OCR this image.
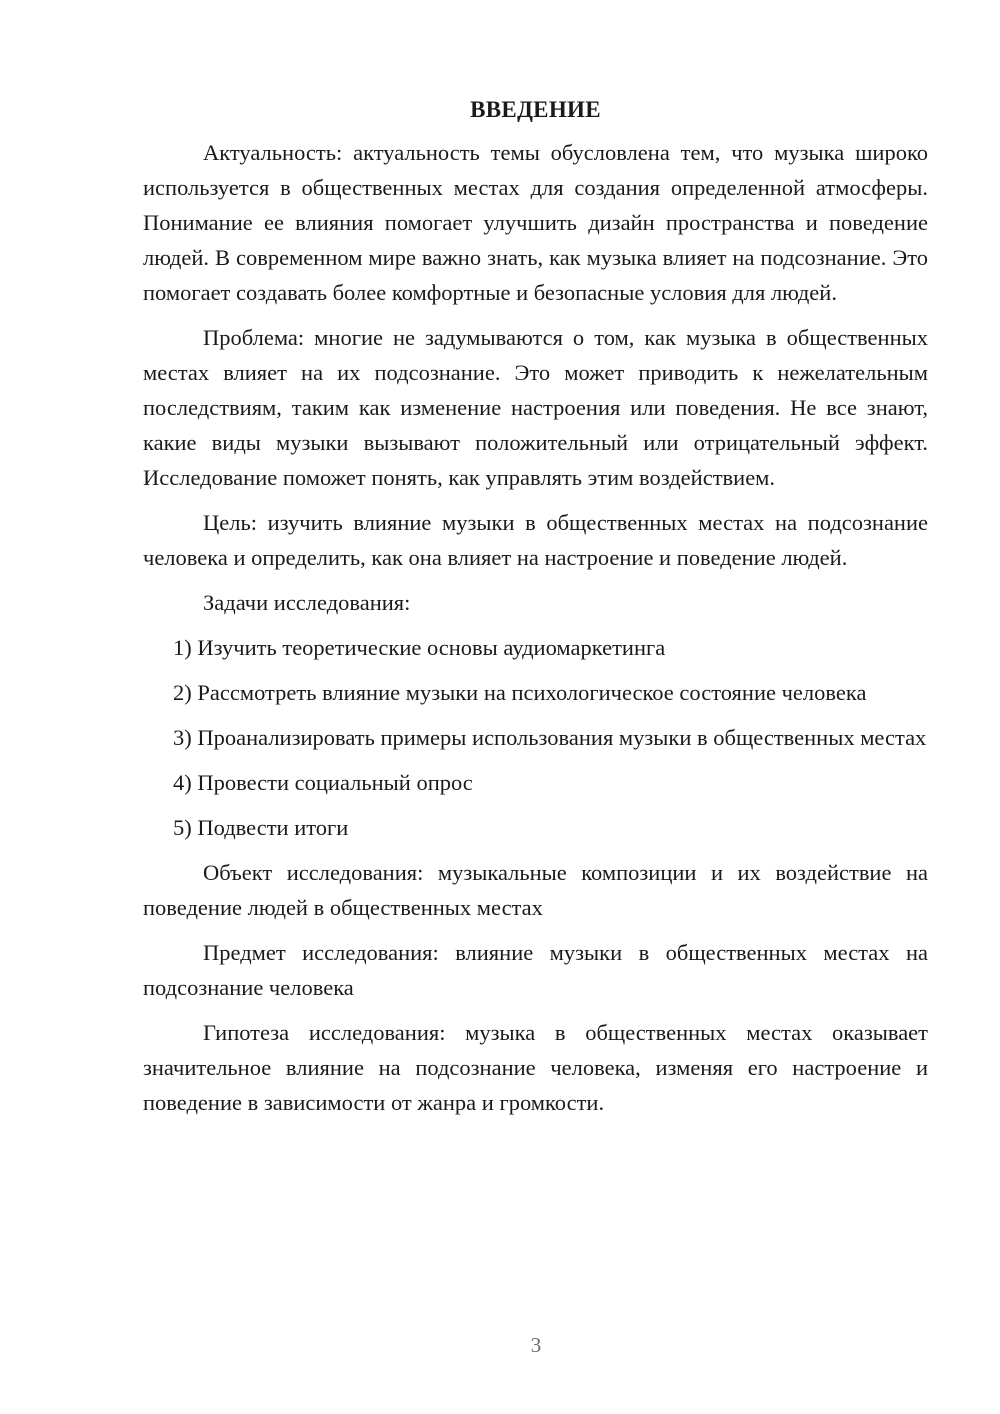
ВВЕДЕНИЕ

Актуальность: актуальность темы обусловлена тем, что музыка широко используется в общественных местах для создания определенной атмосферы. Понимание ее влияния помогает улучшить дизайн пространства и поведение людей. В современном мире важно знать, как музыка влияет на подсознание. Это помогает создавать более комфортные и безопасные условия для людей.

Проблема: многие не задумываются о том, как музыка в общественных местах влияет на их подсознание. Это может приводить к нежелательным последствиям, таким как изменение настроения или поведения. Не все знают, какие виды музыки вызывают положительный или отрицательный эффект. Исследование поможет понять, как управлять этим воздействием.

Цель: изучить влияние музыки в общественных местах на подсознание человека и определить, как она влияет на настроение и поведение людей.

Задачи исследования:

1) Изучить теоретические основы аудиомаркетинга

2) Рассмотреть влияние музыки на психологическое состояние человека

3) Проанализировать примеры использования музыки в общественных местах

4) Провести социальный опрос

5) Подвести итоги

Объект исследования: музыкальные композиции и их воздействие на поведение людей в общественных местах

Предмет исследования: влияние музыки в общественных местах на подсознание человека

Гипотеза исследования: музыка в общественных местах оказывает значительное влияние на подсознание человека, изменяя его настроение и поведение в зависимости от жанра и громкости.

3
